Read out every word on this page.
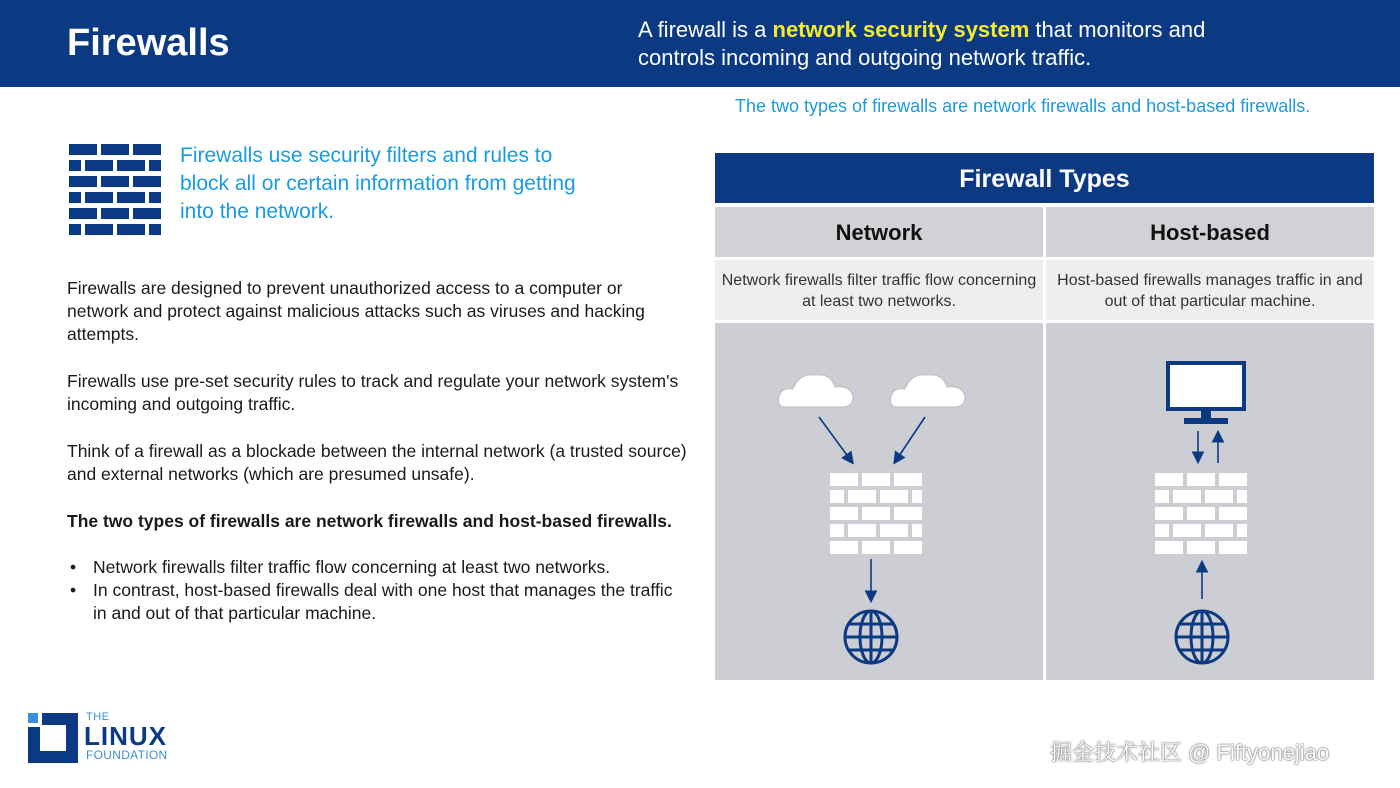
Firewalls	A firewall is a network security system that monitors and controls incoming and outgoing network traffic.
The two types of firewalls are network firewalls and host-based firewalls.
Firewalls use security filters and rules to block all or certain information from getting into the network.
Firewalls are designed to prevent unauthorized access to a computer or network and protect against malicious attacks such as viruses and hacking attempts.
Firewalls use pre-set security rules to track and regulate your network system's incoming and outgoing traffic.
Think of a firewall as a blockade between the internal network (a trusted source) and external networks (which are presumed unsafe).
The two types of firewalls are network firewalls and host-based firewalls.
• Network firewalls filter traffic flow concerning at least two networks.
• In contrast, host-based firewalls deal with one host that manages the traffic in and out of that particular machine.
Firewall Types
Network
Network firewalls filter traffic flow concerning at least two networks.
Host-based
Host-based firewalls manages traffic in and out of that particular machine.
THE
LINUX
FOUNDATION	掘金技术社区 @ Fiftyonejiao
